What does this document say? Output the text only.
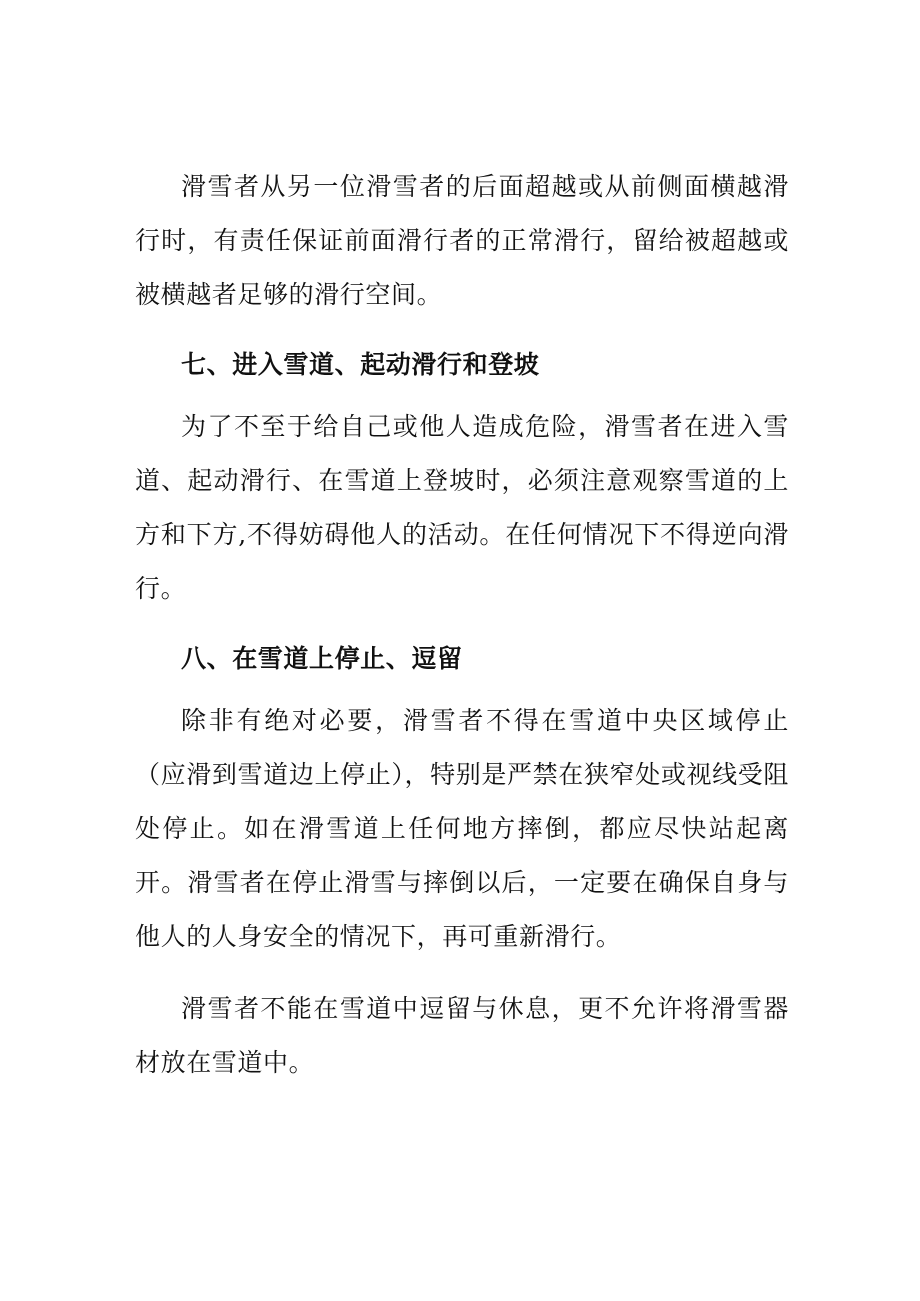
滑雪者从另一位滑雪者的后面超越或从前侧面横越滑行时，有责任保证前面滑行者的正常滑行，留给被超越或被横越者足够的滑行空间。

七、进入雪道、起动滑行和登坡

为了不至于给自己或他人造成危险，滑雪者在进入雪道、起动滑行、在雪道上登坡时，必须注意观察雪道的上方和下方,不得妨碍他人的活动。在任何情况下不得逆向滑行。

八、在雪道上停止、逗留

除非有绝对必要，滑雪者不得在雪道中央区域停止（应滑到雪道边上停止），特别是严禁在狭窄处或视线受阻处停止。如在滑雪道上任何地方摔倒，都应尽快站起离开。滑雪者在停止滑雪与摔倒以后，一定要在确保自身与他人的人身安全的情况下，再可重新滑行。

滑雪者不能在雪道中逗留与休息，更不允许将滑雪器材放在雪道中。
